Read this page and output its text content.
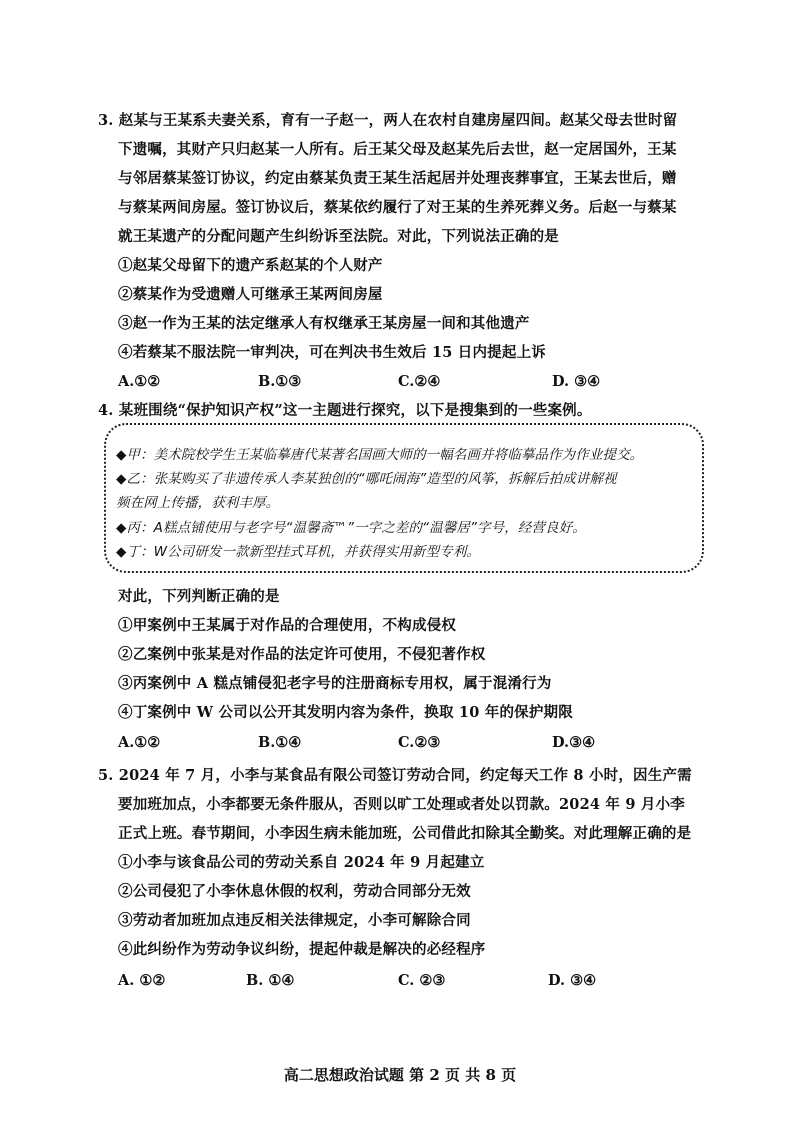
3. 赵某与王某系夫妻关系，育有一子赵一，两人在农村自建房屋四间。赵某父母去世时留
下遗嘱，其财产只归赵某一人所有。后王某父母及赵某先后去世，赵一定居国外，王某
与邻居蔡某签订协议，约定由蔡某负责王某生活起居并处理丧葬事宜，王某去世后，赠
与蔡某两间房屋。签订协议后，蔡某依约履行了对王某的生养死葬义务。后赵一与蔡某
就王某遗产的分配问题产生纠纷诉至法院。对此，下列说法正确的是
①赵某父母留下的遗产系赵某的个人财产
②蔡某作为受遗赠人可继承王某两间房屋
③赵一作为王某的法定继承人有权继承王某房屋一间和其他遗产
④若蔡某不服法院一审判决，可在判决书生效后 15 日内提起上诉
A.①②	B.①③	C.②④	D. ③④
4. 某班围绕“保护知识产权”这一主题进行探究，以下是搜集到的一些案例。
◆甲：美术院校学生王某临摹唐代某著名国画大师的一幅名画并将临摹品作为作业提交。
◆乙：张某购买了非遗传承人李某独创的“哪吒闹海”造型的风筝，拆解后拍成讲解视
频在网上传播，获利丰厚。
◆丙：A糕点铺使用与老字号“温馨斋™”一字之差的“温馨居”字号，经营良好。
◆丁：W公司研发一款新型挂式耳机，并获得实用新型专利。
对此，下列判断正确的是
①甲案例中王某属于对作品的合理使用，不构成侵权
②乙案例中张某是对作品的法定许可使用，不侵犯著作权
③丙案例中 A 糕点铺侵犯老字号的注册商标专用权，属于混淆行为
④丁案例中 W 公司以公开其发明内容为条件，换取 10 年的保护期限
A.①②	B.①④	C.②③	D.③④
5. 2024 年 7 月，小李与某食品有限公司签订劳动合同，约定每天工作 8 小时，因生产需
要加班加点，小李都要无条件服从，否则以旷工处理或者处以罚款。2024 年 9 月小李
正式上班。春节期间，小李因生病未能加班，公司借此扣除其全勤奖。对此理解正确的是
①小李与该食品公司的劳动关系自 2024 年 9 月起建立
②公司侵犯了小李休息休假的权利，劳动合同部分无效
③劳动者加班加点违反相关法律规定，小李可解除合同
④此纠纷作为劳动争议纠纷，提起仲裁是解决的必经程序
A. ①②	B. ①④	C. ②③	D. ③④
高二思想政治试题 第 2 页 共 8 页
